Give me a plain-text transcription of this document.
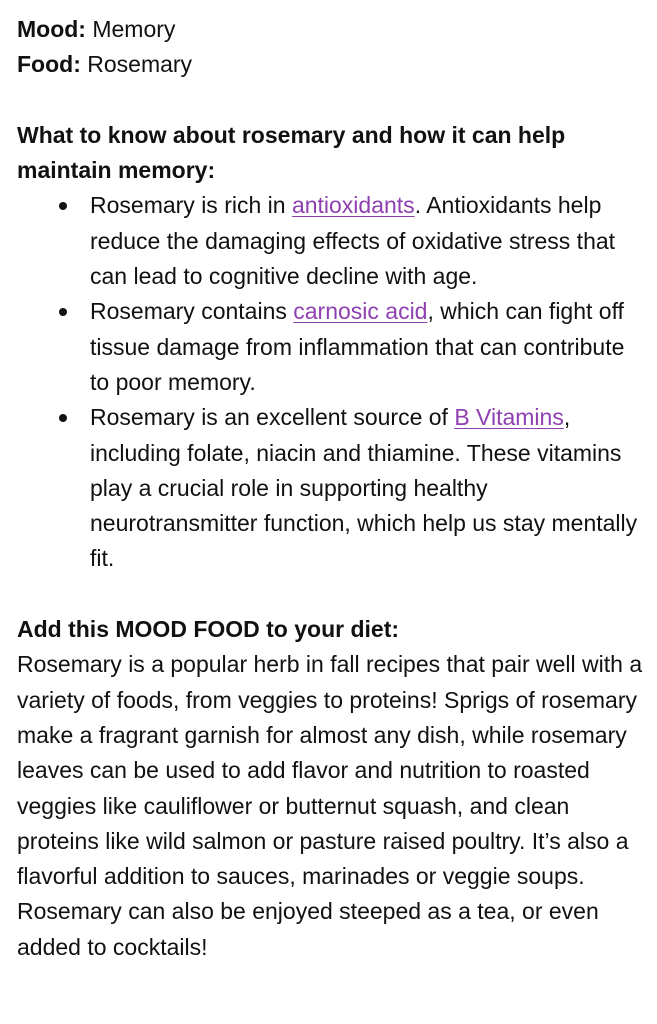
Mood: Memory

Food: Rosemary

What to know about rosemary and how it can help maintain memory:

Rosemary is rich in antioxidants. Antioxidants help reduce the damaging effects of oxidative stress that can lead to cognitive decline with age.
Rosemary contains carnosic acid, which can fight off tissue damage from inflammation that can contribute to poor memory.
Rosemary is an excellent source of B Vitamins, including folate, niacin and thiamine. These vitamins play a crucial role in supporting healthy neurotransmitter function, which help us stay mentally fit.

Add this MOOD FOOD to your diet:

Rosemary is a popular herb in fall recipes that pair well with a variety of foods, from veggies to proteins! Sprigs of rosemary make a fragrant garnish for almost any dish, while rosemary leaves can be used to add flavor and nutrition to roasted veggies like cauliflower or butternut squash, and clean proteins like wild salmon or pasture raised poultry. It’s also a flavorful addition to sauces, marinades or veggie soups. Rosemary can also be enjoyed steeped as a tea, or even added to cocktails!
